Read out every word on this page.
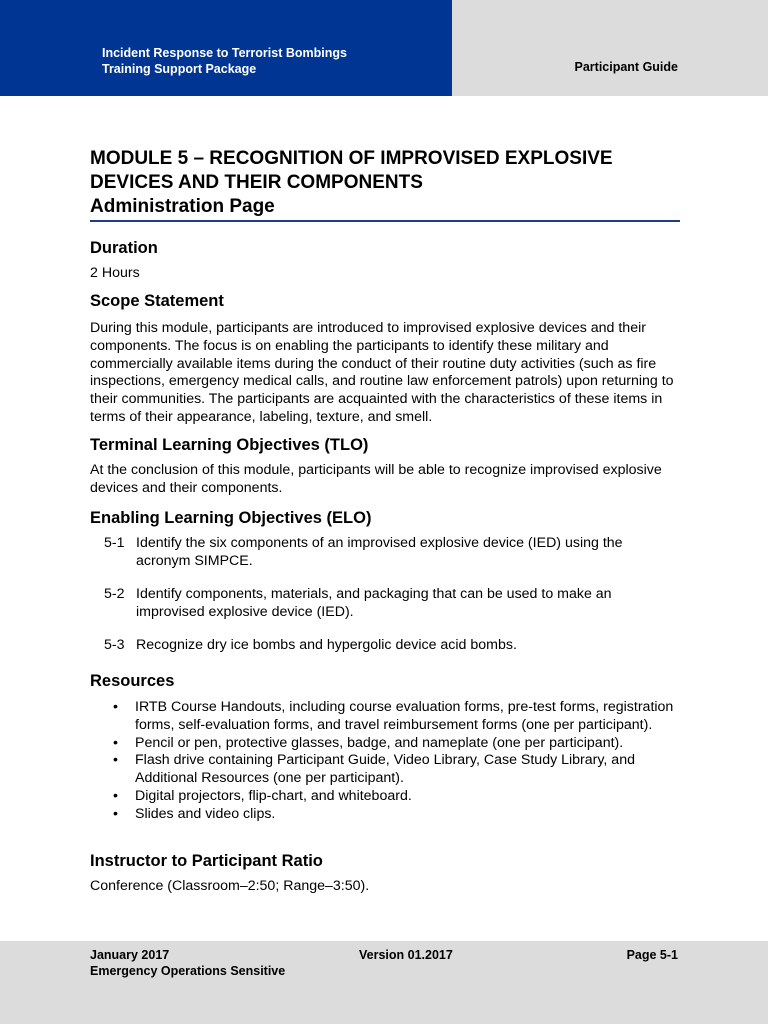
Incident Response to Terrorist Bombings
Training Support Package	Participant Guide
MODULE 5 – RECOGNITION OF IMPROVISED EXPLOSIVE
DEVICES AND THEIR COMPONENTS
Administration Page
Duration

2 Hours

Scope Statement

During this module, participants are introduced to improvised explosive devices and their components. The focus is on enabling the participants to identify these military and commercially available items during the conduct of their routine duty activities (such as fire inspections, emergency medical calls, and routine law enforcement patrols) upon returning to their communities. The participants are acquainted with the characteristics of these items in terms of their appearance, labeling, texture, and smell.

Terminal Learning Objectives (TLO)

At the conclusion of this module, participants will be able to recognize improvised explosive devices and their components.

Enabling Learning Objectives (ELO)
5-1 Identify the six components of an improvised explosive device (IED) using the acronym SIMPCE.
5-2 Identify components, materials, and packaging that can be used to make an improvised explosive device (IED).
5-3 Recognize dry ice bombs and hypergolic device acid bombs.
Resources
• IRTB Course Handouts, including course evaluation forms, pre-test forms, registration forms, self-evaluation forms, and travel reimbursement forms (one per participant).
• Pencil or pen, protective glasses, badge, and nameplate (one per participant).
• Flash drive containing Participant Guide, Video Library, Case Study Library, and Additional Resources (one per participant).
• Digital projectors, flip-chart, and whiteboard.
• Slides and video clips.
Instructor to Participant Ratio

Conference (Classroom–2:50; Range–3:50).

January 2017
Emergency Operations Sensitive
Version 01.2017	Page 5-1
